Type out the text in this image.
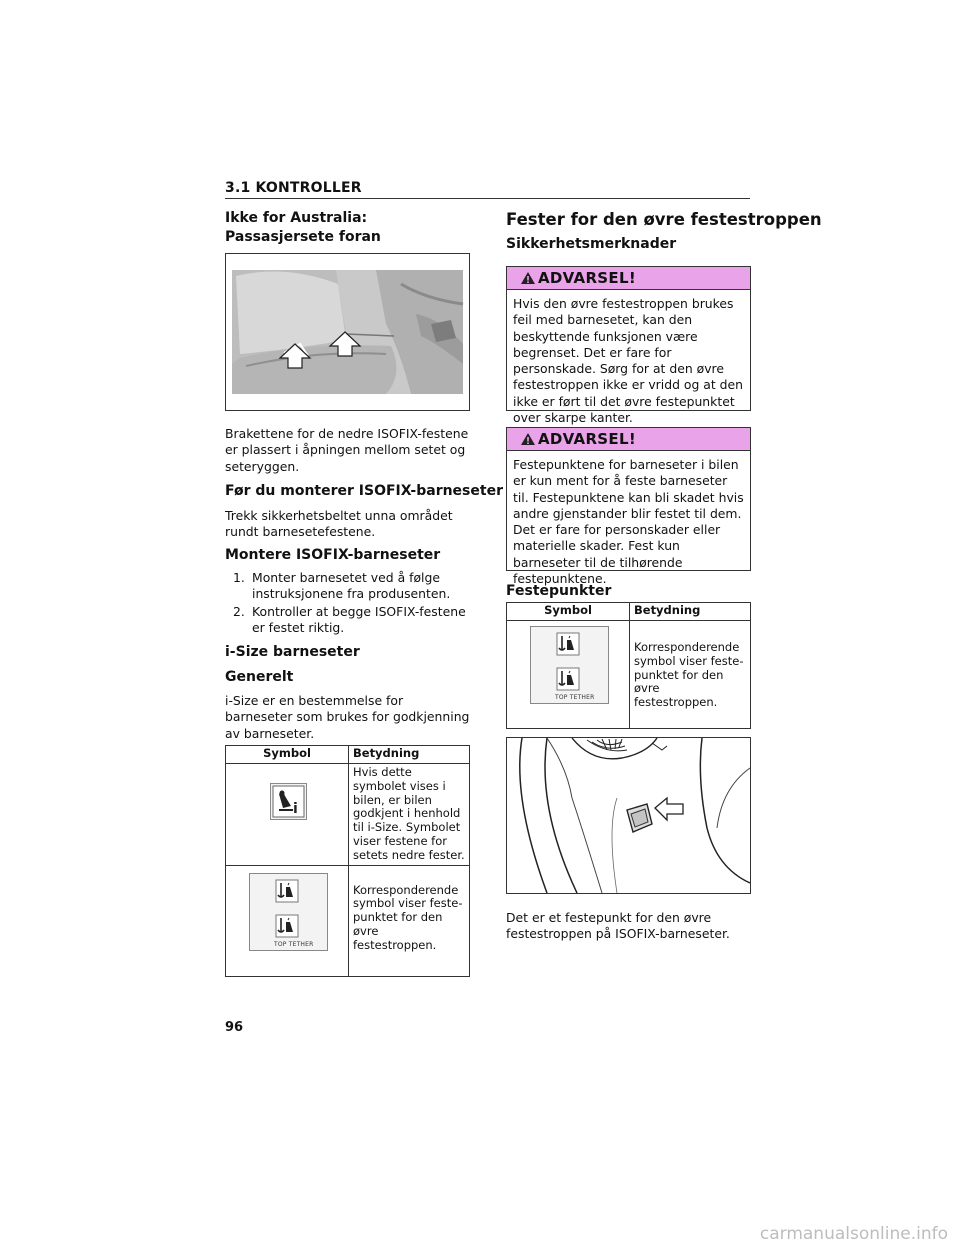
3.1 KONTROLLER
Ikke for Australia: Passasjersete foran
Brakettene for de nedre ISOFIX-festene er plassert i åpningen mellom setet og seteryggen.
Før du monterer ISOFIX-barneseter
Trekk sikkerhetsbeltet unna området rundt barnesetefestene.
Montere ISOFIX-barneseter
1. Monter barnesetet ved å følge instruksjonene fra produsenten.
2. Kontroller at begge ISOFIX-festene er festet riktig.
i-Size barneseter
Generelt
i-Size er en bestemmelse for barneseter som brukes for godkjenning av barneseter.
Symbol	Betydning

i	Hvis dette symbolet vises i bilen, er bilen godkjent i henhold til i-Size. Symbolet viser festene for setets nedre fester.

TOP TETHER	Korresponderende symbol viser feste-punktet for den øvre festestroppen.
Fester for den øvre festestroppen
Sikkerhetsmerknader
ADVARSEL!
Hvis den øvre festestroppen brukes feil med barnesetet, kan den beskyttende funksjonen være begrenset. Det er fare for personskade. Sørg for at den øvre festestroppen ikke er vridd og at den ikke er ført til det øvre festepunktet over skarpe kanter.
ADVARSEL!
Festepunktene for barneseter i bilen er kun ment for å feste barneseter til. Festepunktene kan bli skadet hvis andre gjenstander blir festet til dem. Det er fare for personskader eller materielle skader. Fest kun barneseter til de tilhørende festepunktene.
Festepunkter
Symbol	Betydning

TOP TETHER	Korresponderende symbol viser feste-punktet for den øvre festestroppen.
Det er et festepunkt for den øvre festestroppen på ISOFIX-barneseter.
96
carmanualsonline.info
